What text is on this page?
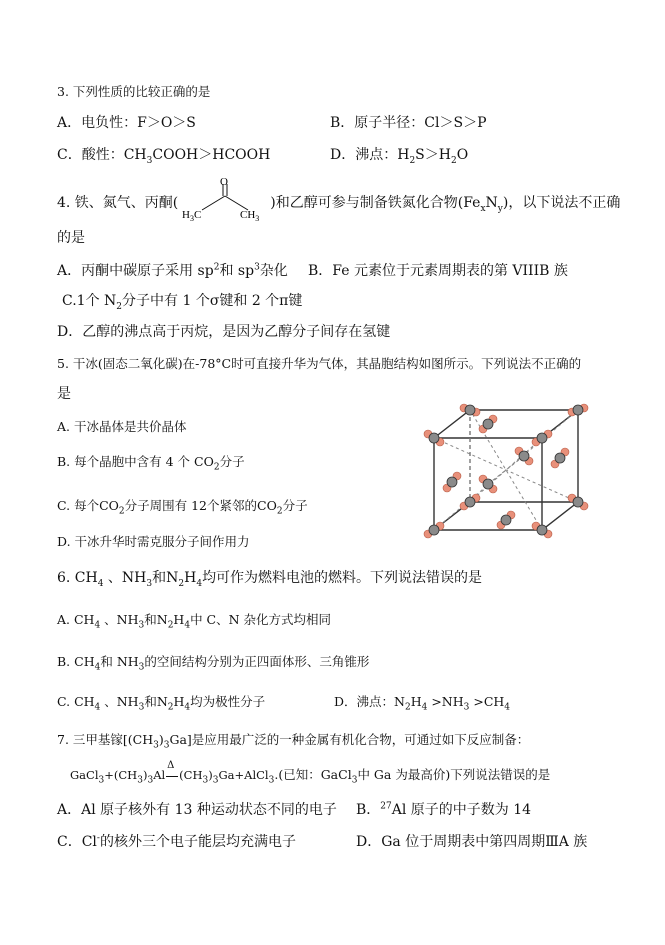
3. 下列性质的比较正确的是
A．电负性：F＞O＞S	B．原子半径：Cl＞S＞P
C．酸性：$CH_3COOH>HCOOH$	D．沸点：$H_2S>H_2O$
4. 铁、氮气、丙酮(	)和乙醇可参与制备铁氮化合物$(Fe_xN_y)$，以下说法不正确
O
$H_3C$	$CH_3$
的是
A．丙酮中碳原子采用 $sp^2$和 $sp^3$杂化 B．Fe 元素位于元素周期表的第 VIIIB 族
C.1个 $N_2$分子中有 1 个σ键和 2 个π键
D．乙醇的沸点高于丙烷，是因为乙醇分子间存在氢键
5. 干冰(固态二氧化碳)在-78°C时可直接升华为气体，其晶胞结构如图所示。下列说法不正确的
是
A. 干冰晶体是共价晶体
B. 每个晶胞中含有 4 个 $CO_2$分子
C. 每个$CO_2$分子周围有 12个紧邻的$CO_2$分子
D. 干冰升华时需克服分子间作用力
6. $CH_4$ 、$NH_3$和$N_2H_4$均可作为燃料电池的燃料。下列说法错误的是
A. $CH_4$ 、$NH_3$和$N_2H_4$中 C、N 杂化方式均相同
B. $CH_4$和 $NH_3$的空间结构分别为正四面体形、三角锥形
C. $CH_4$ 、$NH_3$和$N_2H_4$均为极性分子	D．沸点：$N_2H_4 >NH_3 >CH_4$
7. 三甲基镓$[(CH_3)_3Ga]$是应用最广泛的一种金属有机化合物，可通过如下反应制备：
$GaCl_3+(CH_3)_3Al$
Δ
$(CH_3)_3Ga+AlCl_3$.(已知：GaCl$_3$中 Ga 为最高价)下列说法错误的是
A．Al 原子核外有 13 种运动状态不同的电子 B．$^{27}$Al 原子的中子数为 14
C．Cl-的核外三个电子能层均充满电子	D．Ga 位于周期表中第四周期ⅢA 族
